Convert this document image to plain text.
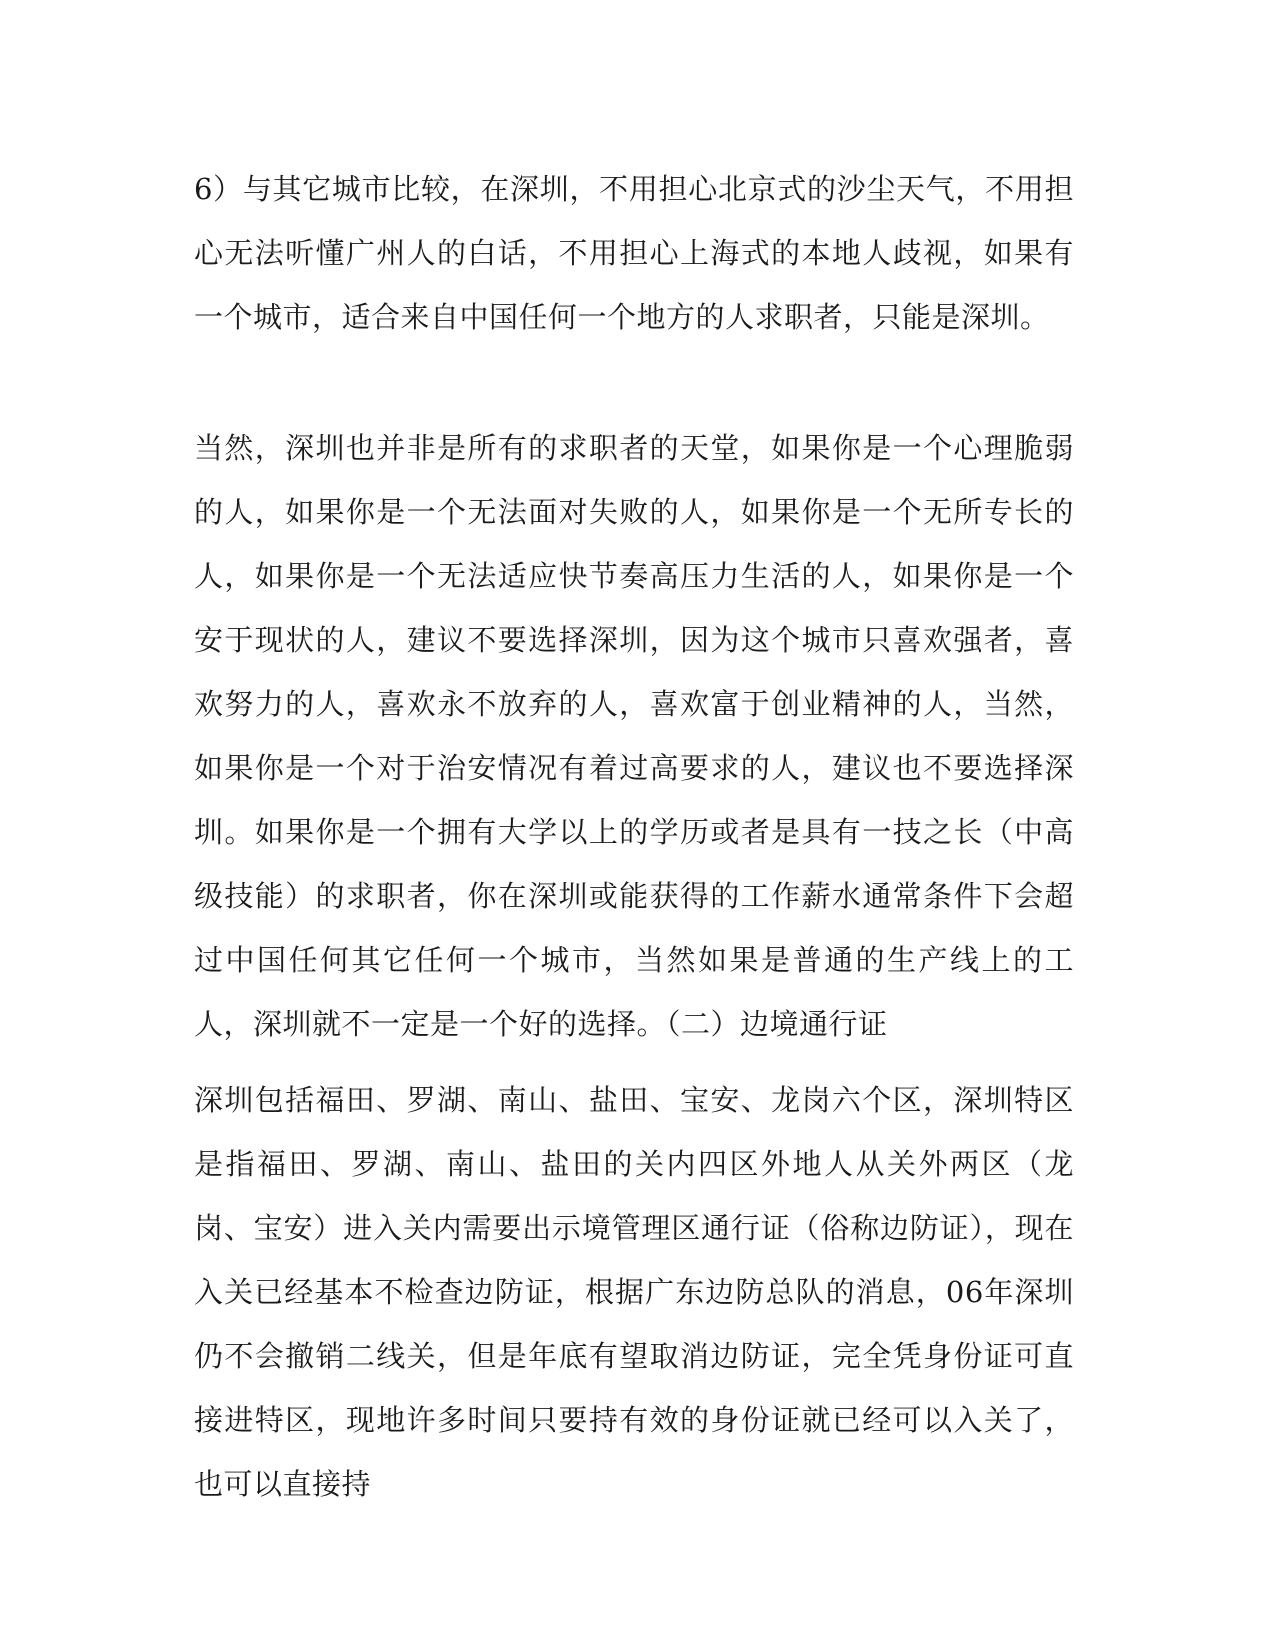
6）与其它城市比较，在深圳，不用担心北京式的沙尘天气，不用担心无法听懂广州人的白话，不用担心上海式的本地人歧视，如果有一个城市，适合来自中国任何一个地方的人求职者，只能是深圳。

当然，深圳也并非是所有的求职者的天堂，如果你是一个心理脆弱的人，如果你是一个无法面对失败的人，如果你是一个无所专长的人，如果你是一个无法适应快节奏高压力生活的人，如果你是一个安于现状的人，建议不要选择深圳，因为这个城市只喜欢强者，喜欢努力的人，喜欢永不放弃的人，喜欢富于创业精神的人，当然，如果你是一个对于治安情况有着过高要求的人，建议也不要选择深圳。如果你是一个拥有大学以上的学历或者是具有一技之长（中高级技能）的求职者，你在深圳或能获得的工作薪水通常条件下会超过中国任何其它任何一个城市，当然如果是普通的生产线上的工人，深圳就不一定是一个好的选择。（二）边境通行证

深圳包括福田、罗湖、南山、盐田、宝安、龙岗六个区，深圳特区是指福田、罗湖、南山、盐田的关内四区外地人从关外两区（龙岗、宝安）进入关内需要出示境管理区通行证（俗称边防证），现在入关已经基本不检查边防证，根据广东边防总队的消息，06年深圳仍不会撤销二线关，但是年底有望取消边防证，完全凭身份证可直接进特区，现地许多时间只要持有效的身份证就已经可以入关了，也可以直接持
